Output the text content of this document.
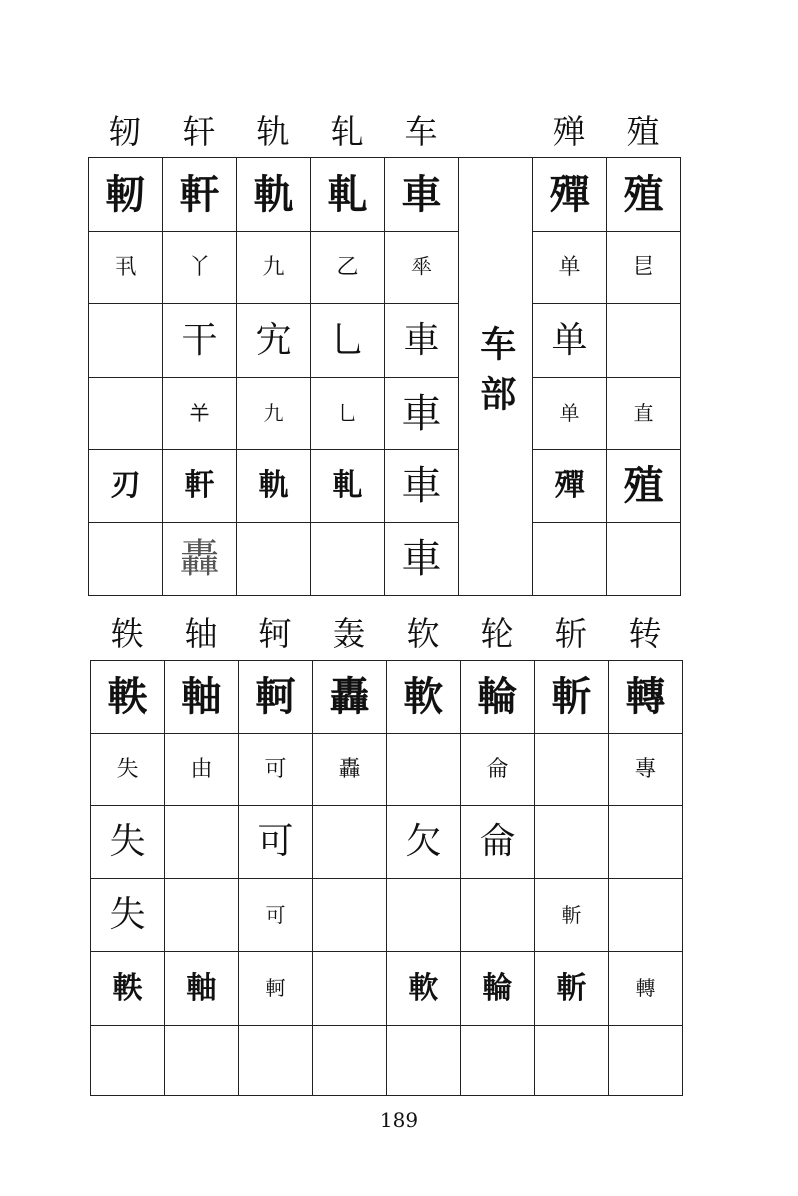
轫	轩	轨	轧	车	殚	殖
軔	軒	軌	軋	車	车部	殫	殖
丮	丫	九	乙	𠦬		单	㫐
	干	宄	乚	車		单	
	𢆉	九	乚	車		单	直
刃	軒	軌	軋	車		殫	殖
	轟			車			
轶	轴	轲	轰	软	轮	斩	转
軼	軸	軻	轟	軟	輪	斬	轉
失	由	可	轟		侖		專
失		可		欠	侖		
失		可				斬	
軼	軸	軻		軟	輪	斬	轉

189
